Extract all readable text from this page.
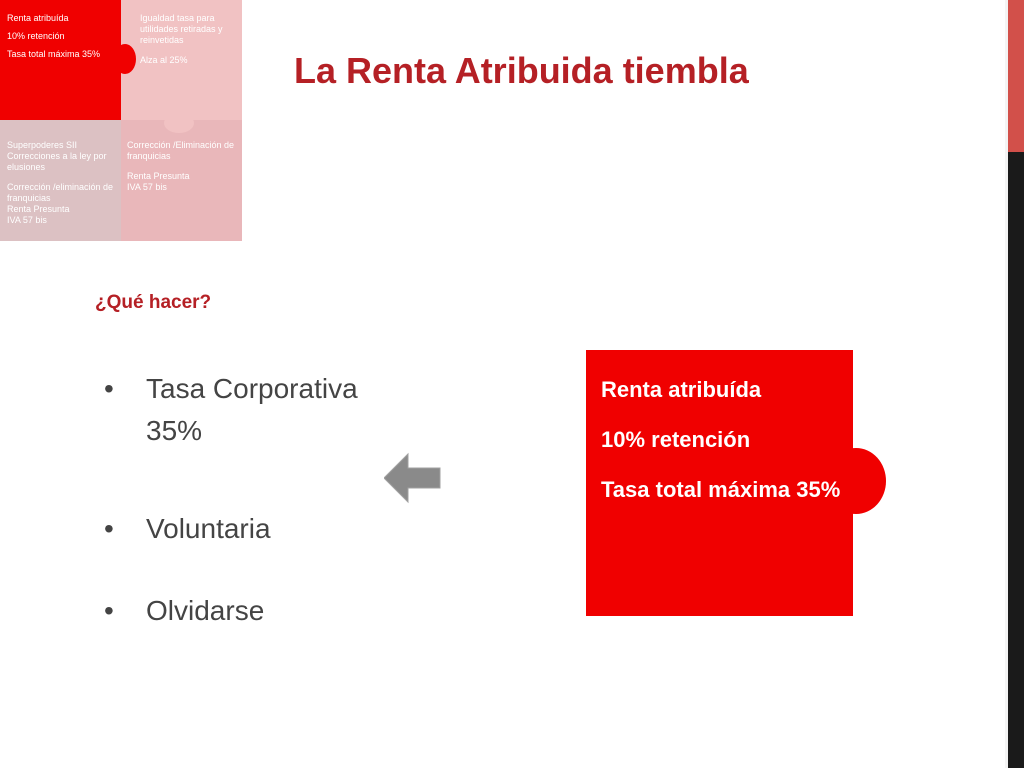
Igualdad tasa para utilidades retiradas y reinvetidas

Alza al 25%

Renta atribuída

10% retención

Tasa total máxima 35%

Superpoderes SII

Correcciones a la ley por elusiones

Corrección /eliminación de franquicias

Renta Presunta

IVA 57 bis

Corrección /Eliminación de franquicias

Renta Presunta

IVA 57 bis

La Renta Atribuida tiembla
¿Qué hacer?
• Tasa Corporativa 35%
• Voluntaria
• Olvidarse

Renta atribuída

10% retención

Tasa total máxima 35%
